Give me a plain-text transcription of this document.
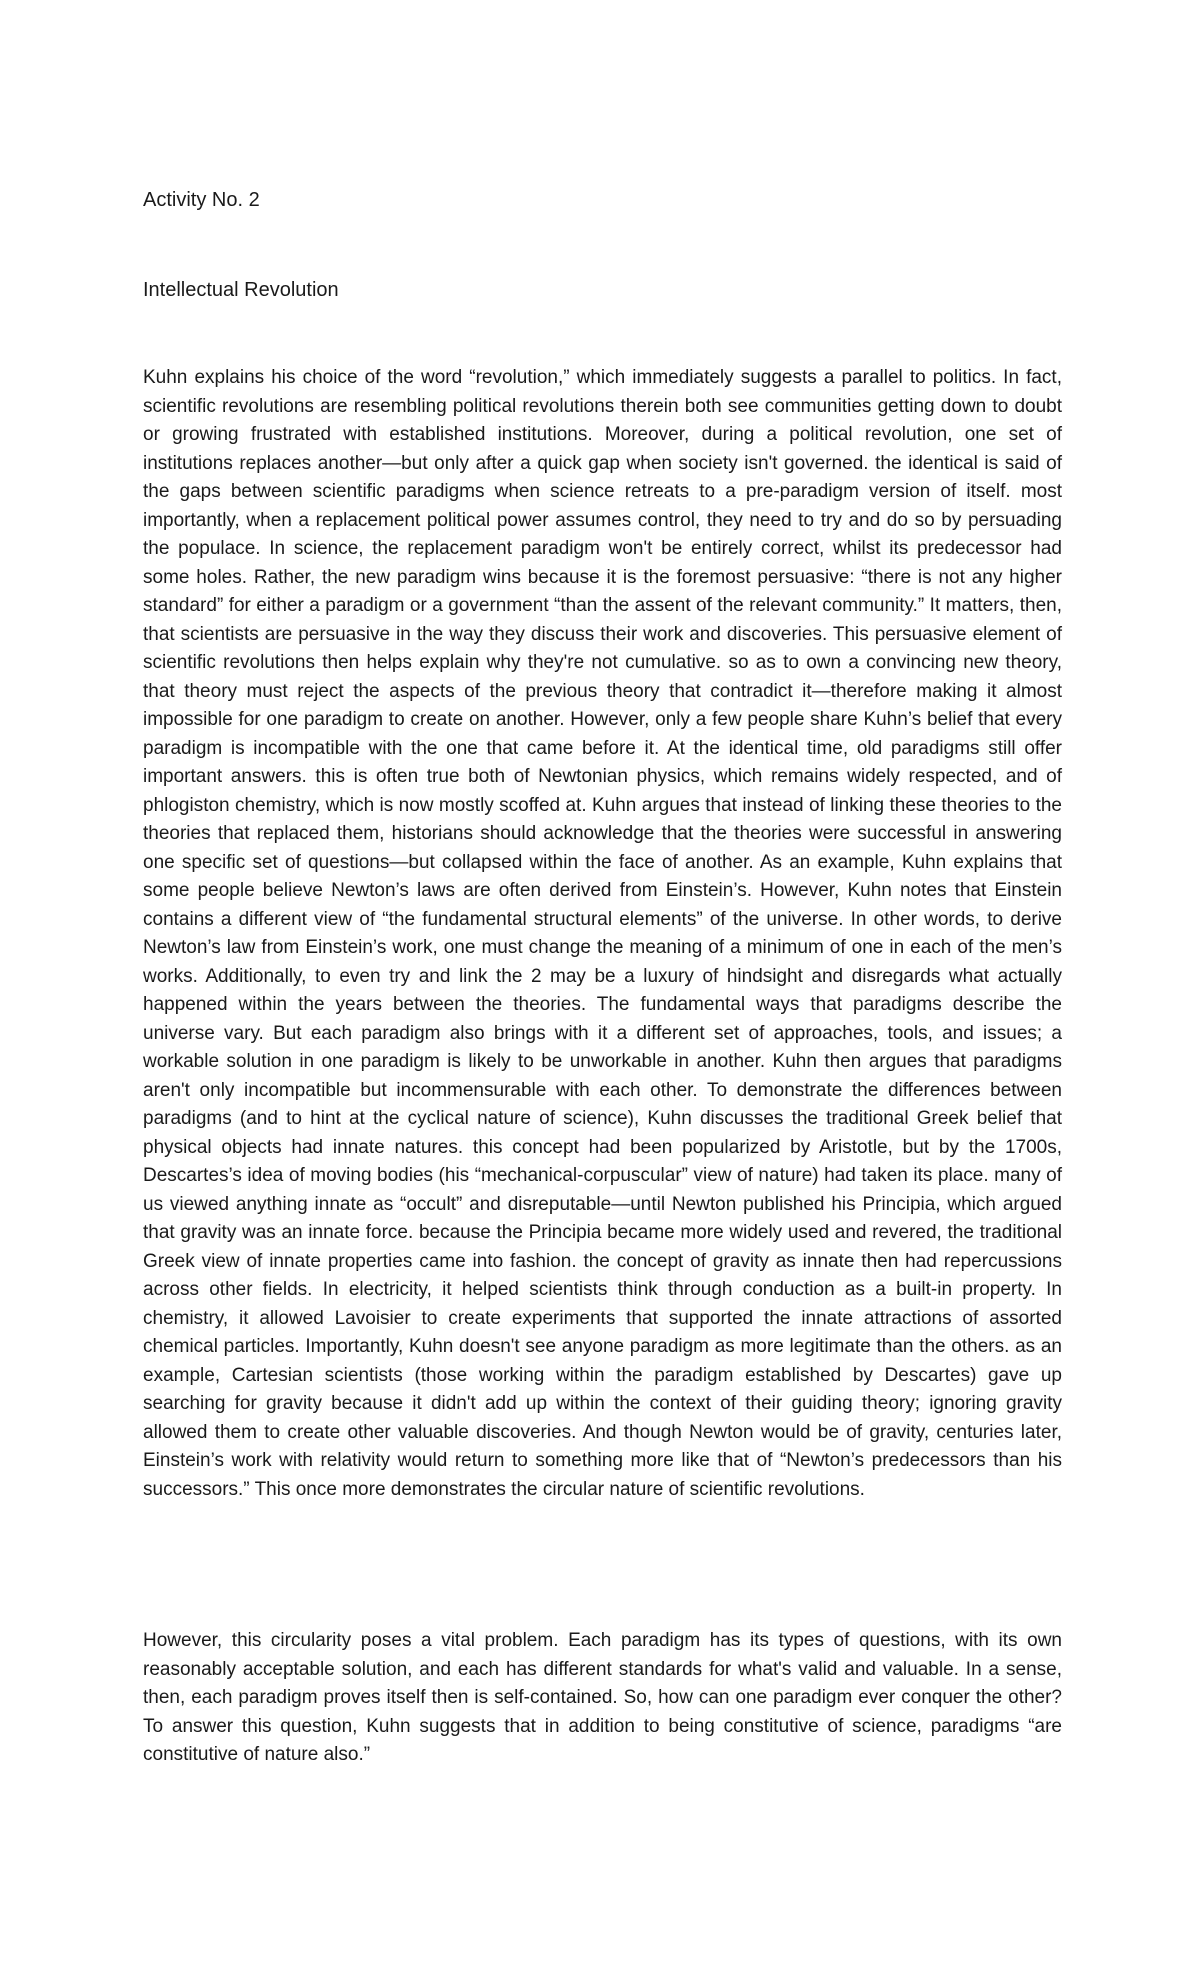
Activity No. 2

Intellectual Revolution

Kuhn explains his choice of the word “revolution,” which immediately suggests a parallel to politics. In fact, scientific revolutions are resembling political revolutions therein both see communities getting down to doubt or growing frustrated with established institutions. Moreover, during a political revolution, one set of institutions replaces another—but only after a quick gap when society isn't governed. the identical is said of the gaps between scientific paradigms when science retreats to a pre-paradigm version of itself. most importantly, when a replacement political power assumes control, they need to try and do so by persuading the populace. In science, the replacement paradigm won't be entirely correct, whilst its predecessor had some holes. Rather, the new paradigm wins because it is the foremost persuasive: “there is not any higher standard” for either a paradigm or a government “than the assent of the relevant community.” It matters, then, that scientists are persuasive in the way they discuss their work and discoveries. This persuasive element of scientific revolutions then helps explain why they're not cumulative. so as to own a convincing new theory, that theory must reject the aspects of the previous theory that contradict it—therefore making it almost impossible for one paradigm to create on another. However, only a few people share Kuhn’s belief that every paradigm is incompatible with the one that came before it. At the identical time, old paradigms still offer important answers. this is often true both of Newtonian physics, which remains widely respected, and of phlogiston chemistry, which is now mostly scoffed at. Kuhn argues that instead of linking these theories to the theories that replaced them, historians should acknowledge that the theories were successful in answering one specific set of questions—but collapsed within the face of another. As an example, Kuhn explains that some people believe Newton’s laws are often derived from Einstein’s. However, Kuhn notes that Einstein contains a different view of “the fundamental structural elements” of the universe. In other words, to derive Newton’s law from Einstein’s work, one must change the meaning of a minimum of one in each of the men’s works. Additionally, to even try and link the 2 may be a luxury of hindsight and disregards what actually happened within the years between the theories. The fundamental ways that paradigms describe the universe vary. But each paradigm also brings with it a different set of approaches, tools, and issues; a workable solution in one paradigm is likely to be unworkable in another. Kuhn then argues that paradigms aren't only incompatible but incommensurable with each other. To demonstrate the differences between paradigms (and to hint at the cyclical nature of science), Kuhn discusses the traditional Greek belief that physical objects had innate natures. this concept had been popularized by Aristotle, but by the 1700s, Descartes’s idea of moving bodies (his “mechanical-corpuscular” view of nature) had taken its place. many of us viewed anything innate as “occult” and disreputable—until Newton published his Principia, which argued that gravity was an innate force. because the Principia became more widely used and revered, the traditional Greek view of innate properties came into fashion. the concept of gravity as innate then had repercussions across other fields. In electricity, it helped scientists think through conduction as a built-in property. In chemistry, it allowed Lavoisier to create experiments that supported the innate attractions of assorted chemical particles. Importantly, Kuhn doesn't see anyone paradigm as more legitimate than the others. as an example, Cartesian scientists (those working within the paradigm established by Descartes) gave up searching for gravity because it didn't add up within the context of their guiding theory; ignoring gravity allowed them to create other valuable discoveries. And though Newton would be of gravity, centuries later, Einstein’s work with relativity would return to something more like that of “Newton’s predecessors than his successors.” This once more demonstrates the circular nature of scientific revolutions.

However, this circularity poses a vital problem. Each paradigm has its types of questions, with its own reasonably acceptable solution, and each has different standards for what's valid and valuable. In a sense, then, each paradigm proves itself then is self-contained. So, how can one paradigm ever conquer the other? To answer this question, Kuhn suggests that in addition to being constitutive of science, paradigms “are constitutive of nature also.”
